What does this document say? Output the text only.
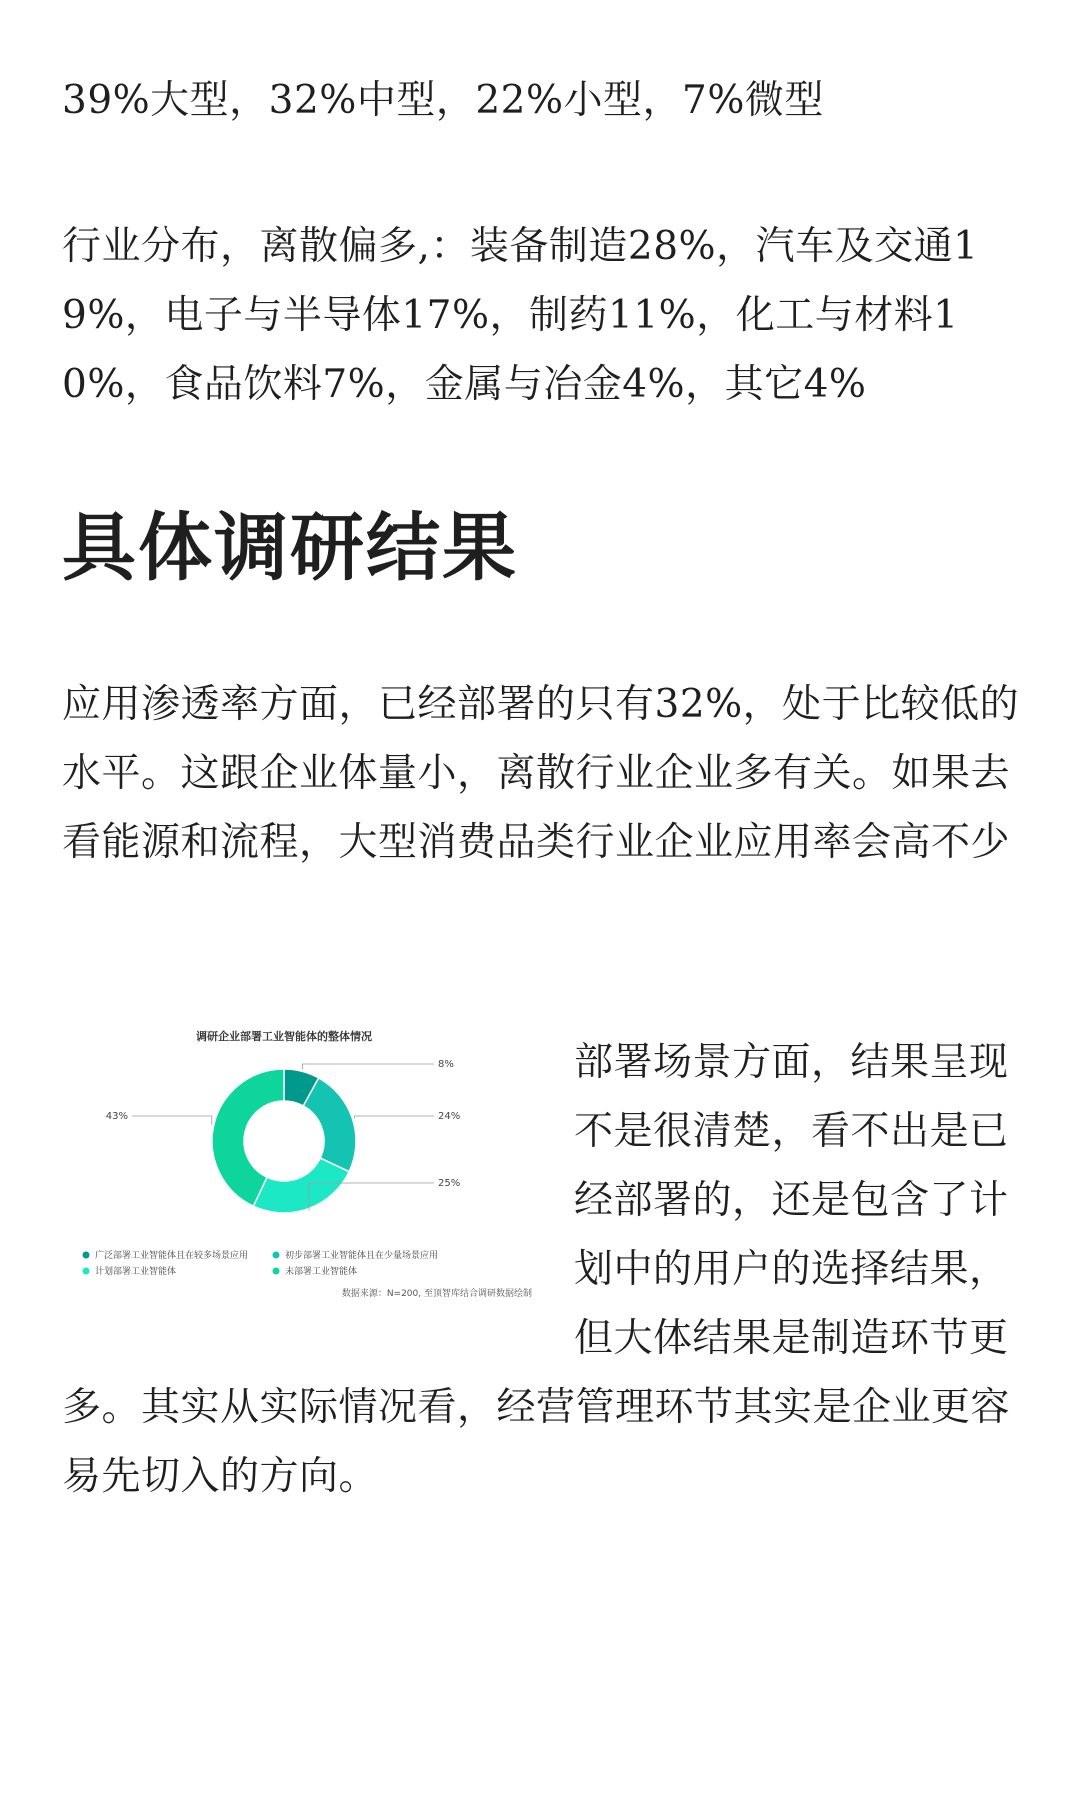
39%大型，32%中型，22%小型，7%微型

行业分布，离散偏多,：装备制造28%，汽车及交通19%，电子与半导体17%，制药11%，化工与材料10%，食品饮料7%，金属与冶金4%，其它4%

具体调研结果

应用渗透率方面，已经部署的只有32%，处于比较低的水平。这跟企业体量小，离散行业企业多有关。如果去看能源和流程，大型消费品类行业企业应用率会高不少

调研企业部署工业智能体的整体情况
8%
24%
25%
43%
广泛部署工业智能体且在较多场景应用	初步部署工业智能体且在少量场景应用
计划部署工业智能体	未部署工业智能体
数据来源：N=200, 至顶智库结合调研数据绘制

部署场景方面，结果呈现不是很清楚，看不出是已经部署的，还是包含了计划中的用户的选择结果，但大体结果是制造环节更多。其实从实际情况看，经营管理环节其实是企业更容易先切入的方向。
